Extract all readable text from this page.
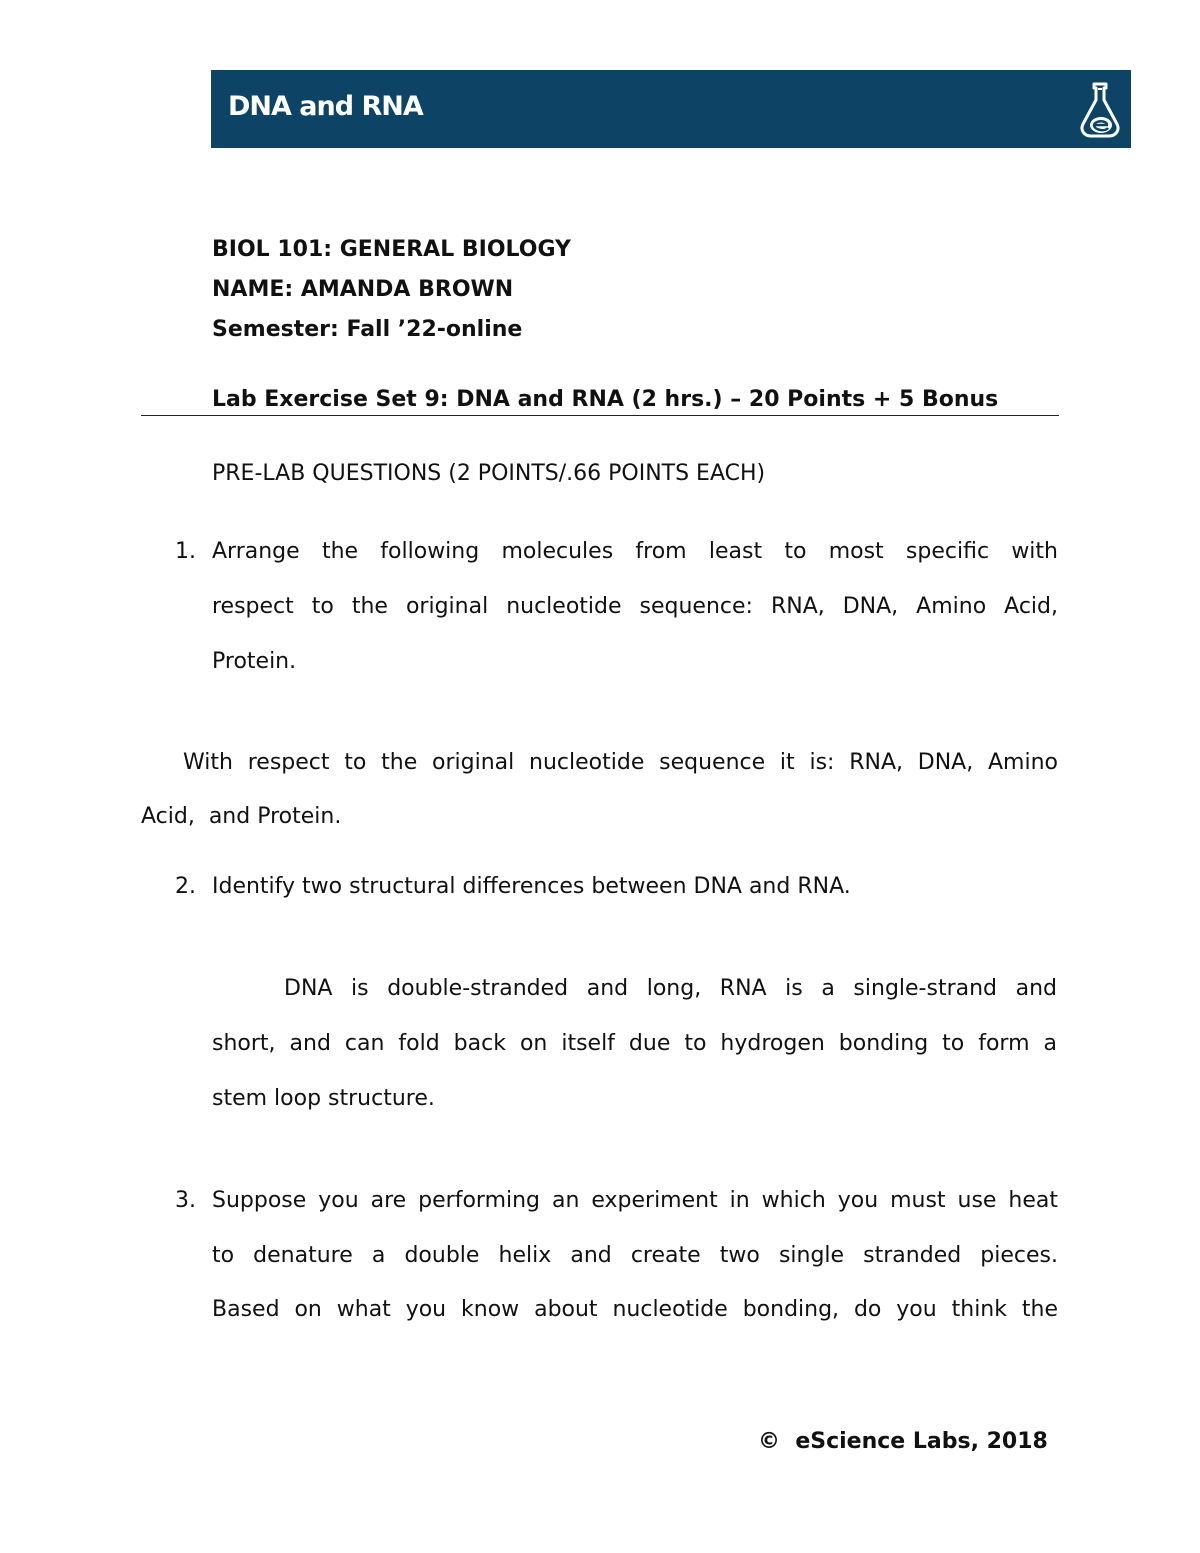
DNA and RNA
BIOL 101: GENERAL BIOLOGY
NAME: AMANDA BROWN
Semester: Fall ’22-online
Lab Exercise Set 9: DNA and RNA (2 hrs.) – 20 Points + 5 Bonus
PRE-LAB QUESTIONS (2 POINTS/.66 POINTS EACH)
1. Arrange the following molecules from least to most specific with
respect to the original nucleotide sequence: RNA, DNA, Amino Acid,
Protein.
With respect to the original nucleotide sequence it is: RNA, DNA, Amino
Acid,  and Protein.
2. Identify two structural differences between DNA and RNA.
DNA is double-stranded and long, RNA is a single-strand and
short, and can fold back on itself due to hydrogen bonding to form a
stem loop structure.
3. Suppose you are performing an experiment in which you must use heat
to denature a double helix and create two single stranded pieces.
Based on what you know about nucleotide bonding, do you think the
©  eScience Labs, 2018
